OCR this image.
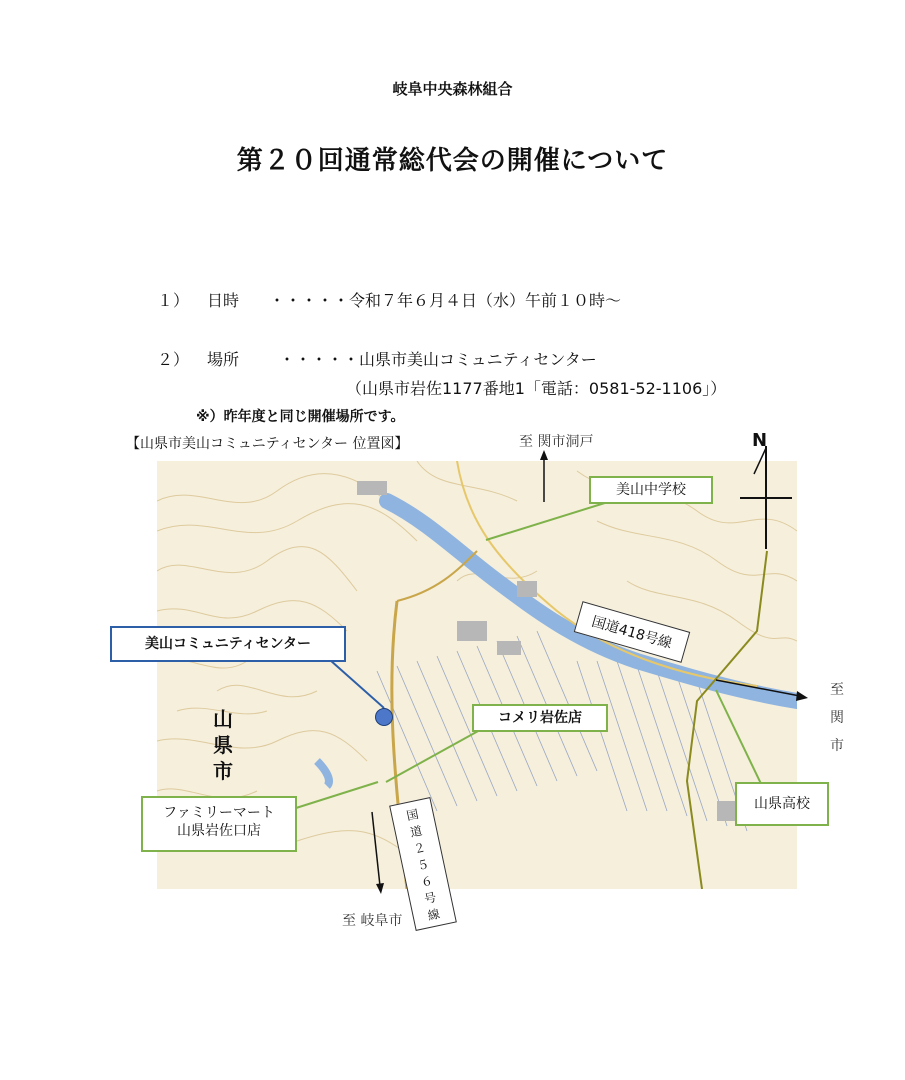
岐阜中央森林組合
第２０回通常総代会の開催について
１） 日時 ・・・・・令和７年６月４日（水）午前１０時～
２） 場所 ・・・・・山県市美山コミュニティセンター
（山県市岩佐1177番地1「電話：0581-52-1106」）
※）昨年度と同じ開催場所です。
【山県市美山コミュニティセンター 位置図】	至 関市洞戸	N
美山中学校
美山コミュニティセンター
コメリ岩佐店
ファミリーマート
山県岩佐口店
山県高校
国道418号線
国
道
２
５
６
号
線
山
県
市
至
関
市
至 岐阜市
